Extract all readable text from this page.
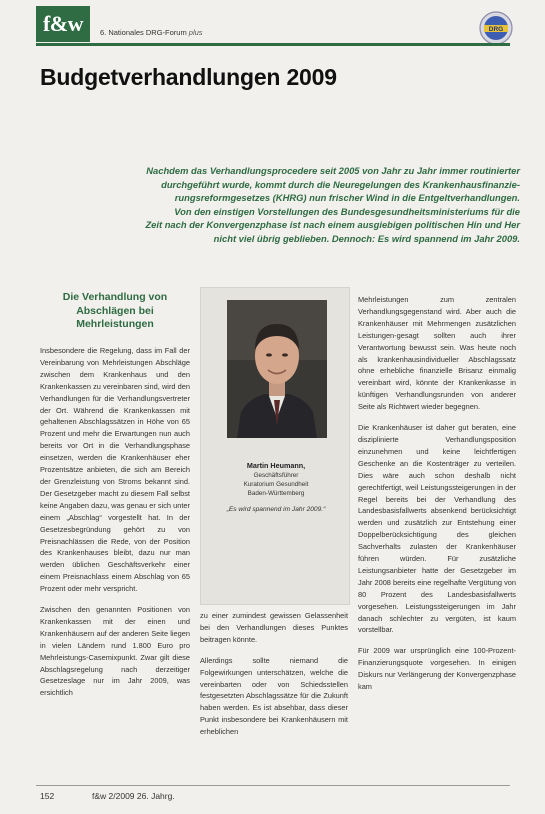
f&w	6. Nationales DRG-Forum plus	DRG
Budgetverhandlungen 2009
Nachdem das Verhandlungsprocedere seit 2005 von Jahr zu Jahr immer routinierter
durchgeführt wurde, kommt durch die Neuregelungen des Krankenhausfinanzie-
rungsreformgesetzes (KHRG) nun frischer Wind in die Entgeltverhandlungen.
Von den einstigen Vorstellungen des Bundesgesundheitsministeriums für die
Zeit nach der Konvergenzphase ist nach einem ausgiebigen politischen Hin und Her
nicht viel übrig geblieben. Dennoch: Es wird spannend im Jahr 2009.
Die Verhandlung von Abschlägen bei Mehrleistungen

Insbesondere die Regelung, dass im Fall der Vereinbarung von Mehrleistungen Abschläge zwischen dem Krankenhaus und den Krankenkassen zu vereinbaren sind, wird den Verhandlungen für die Verhandlungsvertreter der Ort. Während die Krankenkassen mit gehaltenen Abschlagssätzen in Höhe von 65 Prozent und mehr die Erwartungen nun auch bereits vor Ort in die Verhandlungsphase einsetzen, werden die Krankenhäuser eher Prozentsätze anbieten, die sich am Bereich der Grenzleistung von Stroms bekannt sind. Der Gesetzgeber macht zu diesem Fall selbst keine Angaben dazu, was genau er sich unter einem „Abschlag“ vorgestellt hat. In der Gesetzesbegründung gehört zu von Preisnachlässen die Rede, von der Position des Krankenhauses bleibt, dazu nur man werden üblichen Geschäftsverkehr einer einem Preisnachlass einem Abschlag von 65 Prozent oder mehr verspricht.

Zwischen den genannten Positionen von Krankenkassen mit der einen und Krankenhäusern auf der anderen Seite liegen in vielen Ländern rund 1.800 Euro pro Mehrleistungs-Casemixpunkt. Zwar gilt diese Abschlagsregelung nach derzeitiger Gesetzeslage nur im Jahr 2009, was ersichtlich

Martin Heumann,
Geschäftsführer
Kuratorium Gesundheit
Baden-Württemberg
„Es wird spannend im Jahr 2009.“

zu einer zumindest gewissen Gelassenheit bei den Verhandlungen dieses Punktes beitragen könnte.

Allerdings sollte niemand die Folgewirkungen unterschätzen, welche die vereinbarten oder von Schiedsstellen festgesetzten Abschlagssätze für die Zukunft haben werden. Es ist absehbar, dass dieser Punkt insbesondere bei Krankenhäusern mit erheblichen

Mehrleistungen zum zentralen Verhandlungsgegenstand wird. Aber auch die Krankenhäuser mit Mehrmengen zusätzlichen Leistungen-gesagt sollten auch ihrer Verantwortung bewusst sein. Was heute noch als krankenhausindividueller Abschlagssatz ohne erhebliche finanzielle Brisanz einmalig vereinbart wird, könnte der Krankenkasse in künftigen Verhandlungsrunden von anderer Seite als Richtwert wieder begegnen.

Die Krankenhäuser ist daher gut beraten, eine disziplinierte Verhandlungsposition einzunehmen und keine leichtfertigen Geschenke an die Kostenträger zu verteilen. Dies wäre auch schon deshalb nicht gerechtfertigt, weil Leistungssteigerungen in der Regel bereits bei der Verhandlung des Landesbasisfallwerts absenkend berücksichtigt werden und zusätzlich zur Entstehung einer Doppelberücksichtigung des gleichen Sachverhalts zulasten der Krankenhäuser führen würden. Für zusätzliche Leistungsanbieter hatte der Gesetzgeber im Jahr 2008 bereits eine regelhafte Vergütung von 80 Prozent des Landesbasisfallwerts vorgesehen. Leistungssteigerungen im Jahr danach schlechter zu vergüten, ist kaum vorstellbar.

Für 2009 war ursprünglich eine 100-Prozent-Finanzierungsquote vorgesehen. In einigen Diskurs nur Verlängerung der Konvergenzphase kam

152	f&w 2/2009 26. Jahrg.
